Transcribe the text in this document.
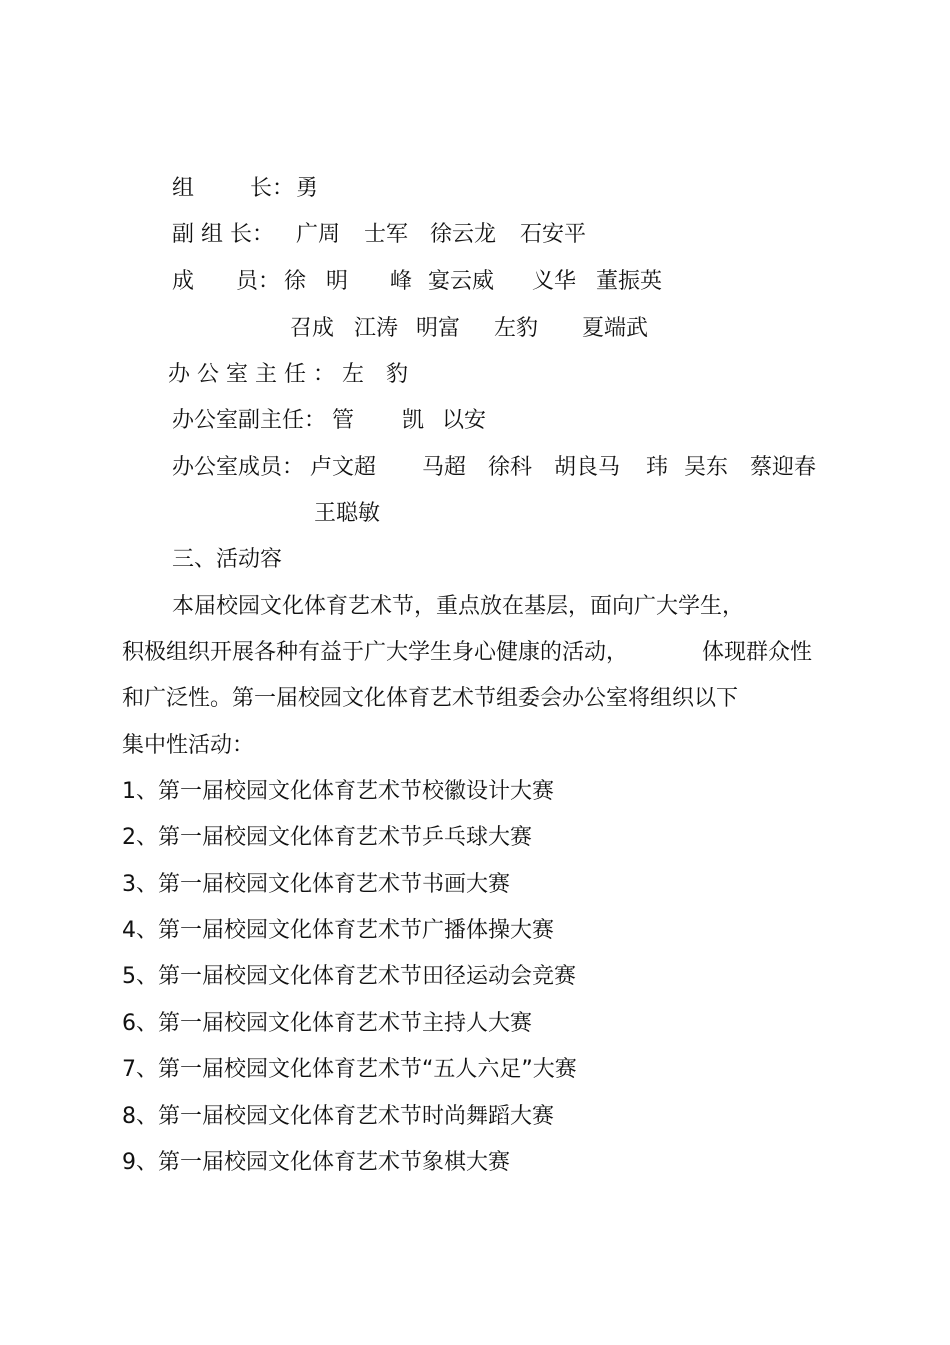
组	长： 勇
副 组 长： 广周 士军 徐云龙 石安平
成 员： 徐 明 峰 宴云威 义华 董振英
召成 江涛 明富 左豹 夏端武
办 公 室 主 任 ： 左 豹
办公室副主任： 管 凯 以安
办公室成员： 卢文超 马超 徐科 胡良马 玮 吴东 蔡迎春
王聪敏
三、活动容
本届校园文化体育艺术节，重点放在基层，面向广大学生，
积极组织开展各种有益于广大学生身心健康的活动，	体现群众性
和广泛性。第一届校园文化体育艺术节组委会办公室将组织以下
集中性活动：
1、第一届校园文化体育艺术节校徽设计大赛
2、第一届校园文化体育艺术节乒乓球大赛
3、第一届校园文化体育艺术节书画大赛
4、第一届校园文化体育艺术节广播体操大赛
5、第一届校园文化体育艺术节田径运动会竞赛
6、第一届校园文化体育艺术节主持人大赛
7、第一届校园文化体育艺术节“五人六足”大赛
8、第一届校园文化体育艺术节时尚舞蹈大赛
9、第一届校园文化体育艺术节象棋大赛
